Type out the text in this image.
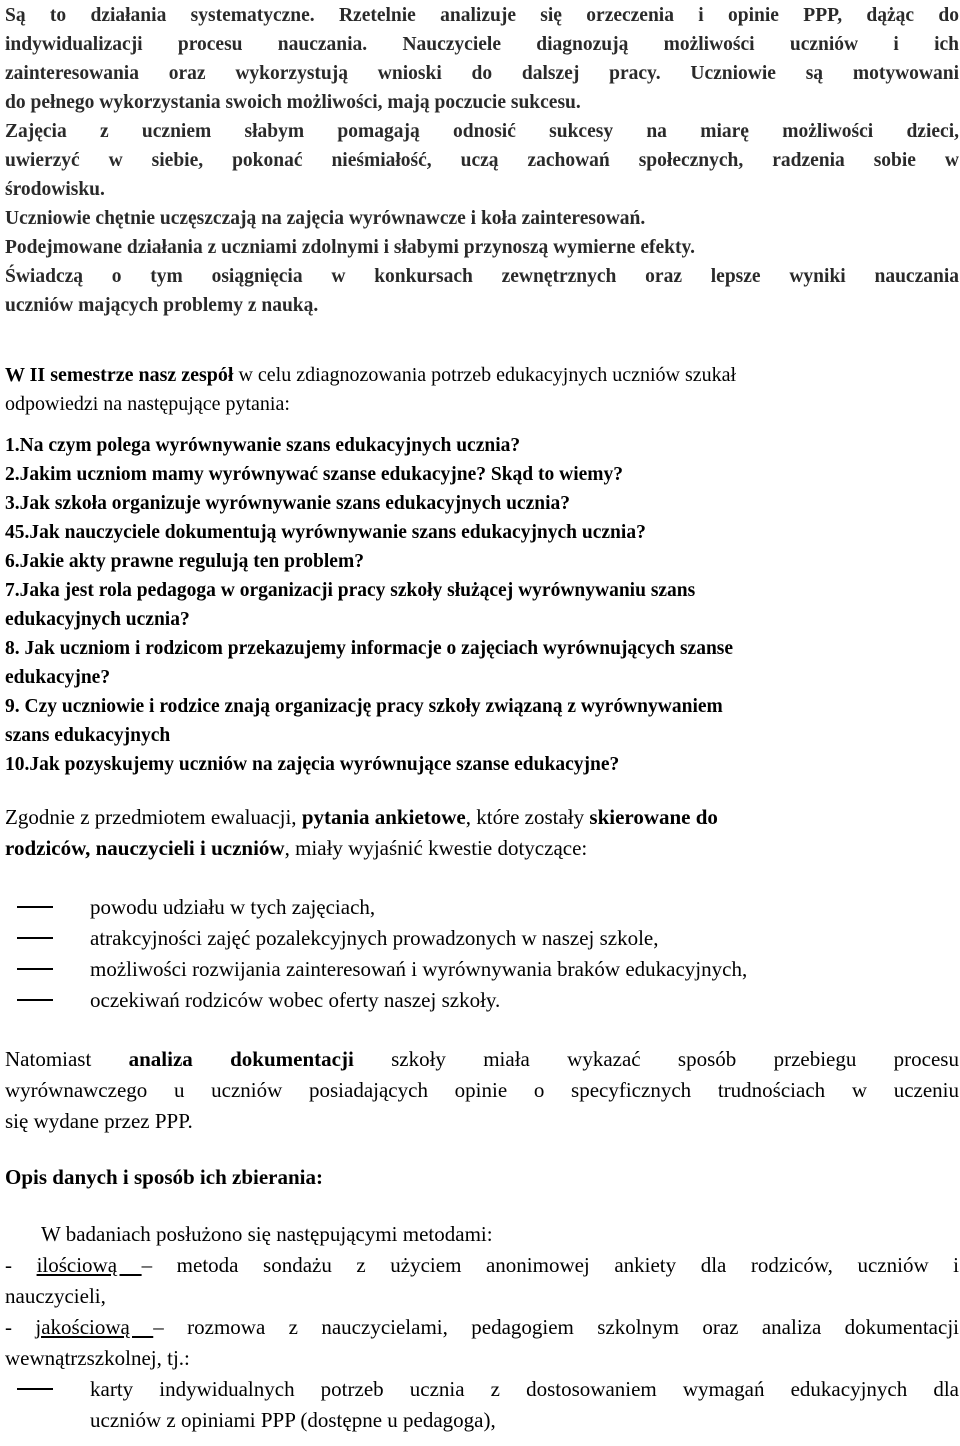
Są to działania systematyczne. Rzetelnie analizuje się orzeczenia i opinie PPP, dążąc do
indywidualizacji procesu nauczania. Nauczyciele diagnozują możliwości uczniów i ich
zainteresowania oraz wykorzystują wnioski do dalszej pracy. Uczniowie są motywowani
do pełnego wykorzystania swoich możliwości, mają poczucie sukcesu.
Zajęcia z uczniem słabym pomagają odnosić sukcesy na miarę możliwości dzieci,
uwierzyć w siebie, pokonać nieśmiałość, uczą zachowań społecznych, radzenia sobie w
środowisku.
Uczniowie chętnie uczęszczają na zajęcia wyrównawcze i koła zainteresowań.
Podejmowane działania z uczniami zdolnymi i słabymi przynoszą wymierne efekty.
Świadczą o tym osiągnięcia w konkursach zewnętrznych oraz lepsze wyniki nauczania
uczniów mających problemy z nauką.
W II semestrze nasz zespół w celu zdiagnozowania potrzeb edukacyjnych uczniów szukał
odpowiedzi na następujące pytania:
1.Na czym polega wyrównywanie szans edukacyjnych ucznia?
2.Jakim uczniom mamy wyrównywać szanse edukacyjne? Skąd to wiemy?
3.Jak szkoła organizuje wyrównywanie szans edukacyjnych ucznia?
45.Jak nauczyciele dokumentują wyrównywanie szans edukacyjnych ucznia?
6.Jakie akty prawne regulują ten problem?
7.Jaka jest rola pedagoga w organizacji pracy szkoły służącej wyrównywaniu szans
edukacyjnych ucznia?
8. Jak uczniom i rodzicom przekazujemy informacje o zajęciach wyrównujących szanse
edukacyjne?
9. Czy uczniowie i rodzice znają organizację pracy szkoły związaną z wyrównywaniem
szans edukacyjnych
10.Jak pozyskujemy uczniów na zajęcia wyrównujące szanse edukacyjne?
Zgodnie z przedmiotem ewaluacji, pytania ankietowe, które zostały skierowane do
rodziców, nauczycieli i uczniów, miały wyjaśnić kwestie dotyczące:
powodu udziału w tych zajęciach,
atrakcyjności zajęć pozalekcyjnych prowadzonych w naszej szkole,
możliwości rozwijania zainteresowań i wyrównywania braków edukacyjnych,
oczekiwań rodziców wobec oferty naszej szkoły.
Natomiast analiza dokumentacji szkoły miała wykazać sposób przebiegu procesu
wyrównawczego u uczniów posiadających opinie o specyficznych trudnościach w uczeniu
się wydane przez PPP.
Opis danych i sposób ich zbierania:
W badaniach posłużono się następującymi metodami:
- ilościową – metoda sondażu z użyciem anonimowej ankiety dla rodziców, uczniów i
nauczycieli,
- jakościową – rozmowa z nauczycielami, pedagogiem szkolnym oraz analiza dokumentacji
wewnątrzszkolnej, tj.:
karty indywidualnych potrzeb ucznia z dostosowaniem wymagań edukacyjnych dla
uczniów z opiniami PPP (dostępne u pedagoga),
